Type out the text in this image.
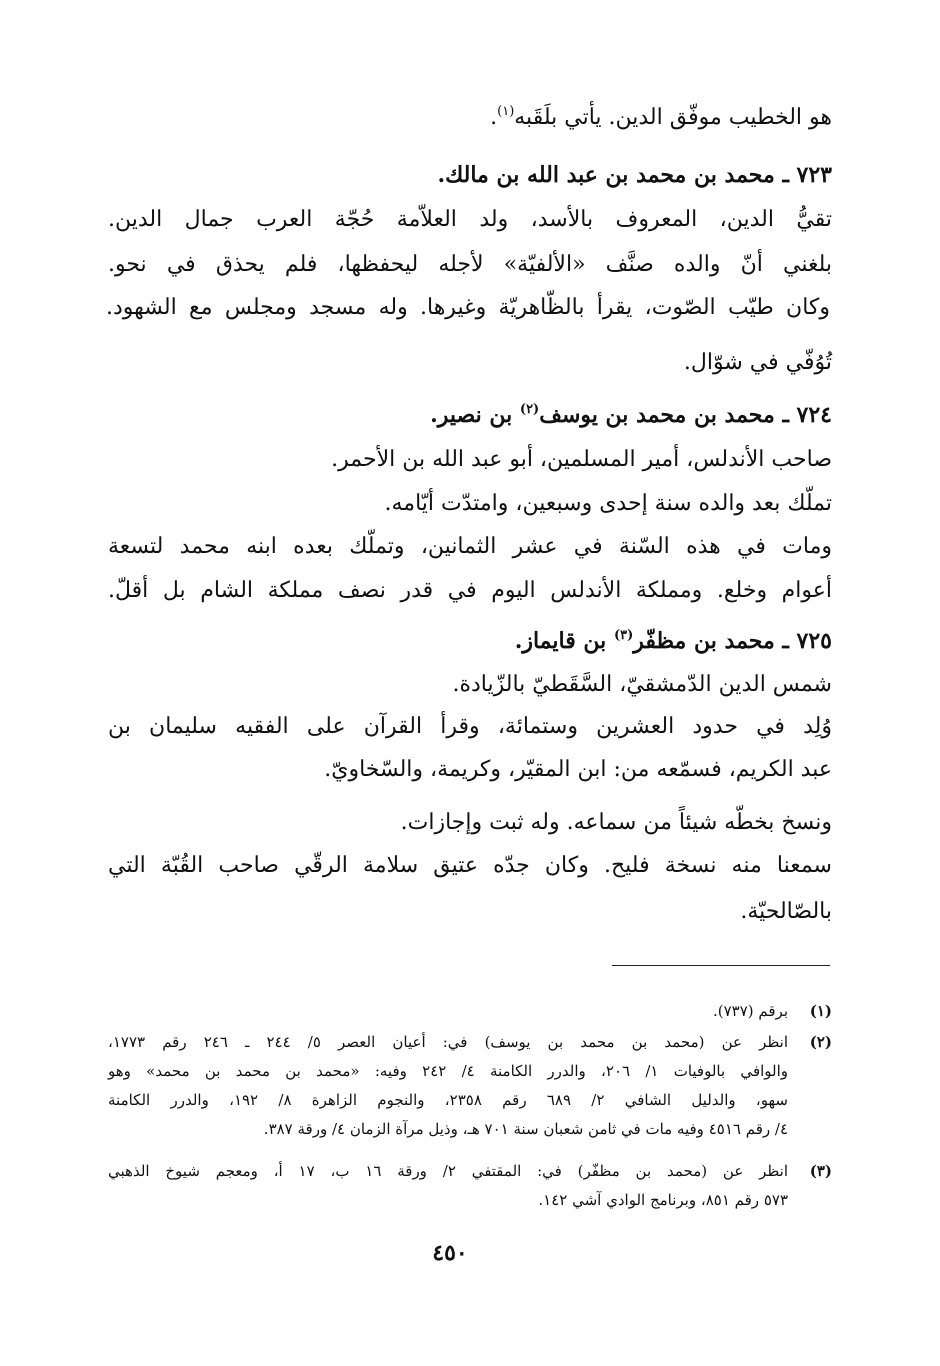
هو الخطيب موفّق الدين. يأتي بلَقَبه$^{(١)}$.
٧٢٣ ـ محمد بن محمد بن عبد الله بن مالك.
تقيُّ الدين، المعروف بالأسد، ولد العلاّمة حُجّة العرب جمال الدين.
بلغني أنّ والده صنَّف «الألفيّة» لأجله ليحفظها، فلم يحذق في نحو.
وكان طيّب الصّوت، يقرأ بالظّاهريّة وغيرها. وله مسجد ومجلس مع الشهود.
تُوُفّي في شوّال.
٧٢٤ ـ محمد بن محمد بن يوسف$^{(٢)}$ بن نصير.
صاحب الأندلس، أمير المسلمين، أبو عبد الله بن الأحمر.
تملّك بعد والده سنة إحدى وسبعين، وامتدّت أيّامه.
ومات في هذه السّنة في عشر الثمانين، وتملّك بعده ابنه محمد لتسعة
أعوام وخلع. ومملكة الأندلس اليوم في قدر نصف مملكة الشام بل أقلّ.
٧٢٥ ـ محمد بن مظفّر$^{(٣)}$ بن قايماز.
شمس الدين الدّمشقيّ، السَّقَطيّ بالزّيادة.
وُلِد في حدود العشرين وستمائة، وقرأ القرآن على الفقيه سليمان بن
عبد الكريم، فسمّعه من: ابن المقيّر، وكريمة، والسّخاويّ.
ونسخ بخطّه شيئاً من سماعه. وله ثبت وإجازات.
سمعنا منه نسخة فليح. وكان جدّه عتيق سلامة الرقّي صاحب القُبّة التي
بالصّالحيّة.
(١)
برقم (٧٣٧).
(٢)
انظر عن (محمد بن محمد بن يوسف) في: أعيان العصر ٥/ ٢٤٤ ـ ٢٤٦ رقم ١٧٧٣،
والوافي بالوفيات ١/ ٢٠٦، والدرر الكامنة ٤/ ٢٤٢ وفيه: «محمد بن محمد بن محمد» وهو
سهو، والدليل الشافي ٢/ ٦٨٩ رقم ٢٣٥٨، والنجوم الزاهرة ٨/ ١٩٢، والدرر الكامنة
٤/ رقم ٤٥١٦ وفيه مات في ثامن شعبان سنة ٧٠١ هـ، وذيل مرآة الزمان ٤/ ورقة ٣٨٧.
(٣)
انظر عن (محمد بن مظفّر) في: المقتفي ٢/ ورقة ١٦ ب، ١٧ أ، ومعجم شيوخ الذهبي
٥٧٣ رقم ٨٥١، وبرنامج الوادي آشي ١٤٢.
٤٥٠
